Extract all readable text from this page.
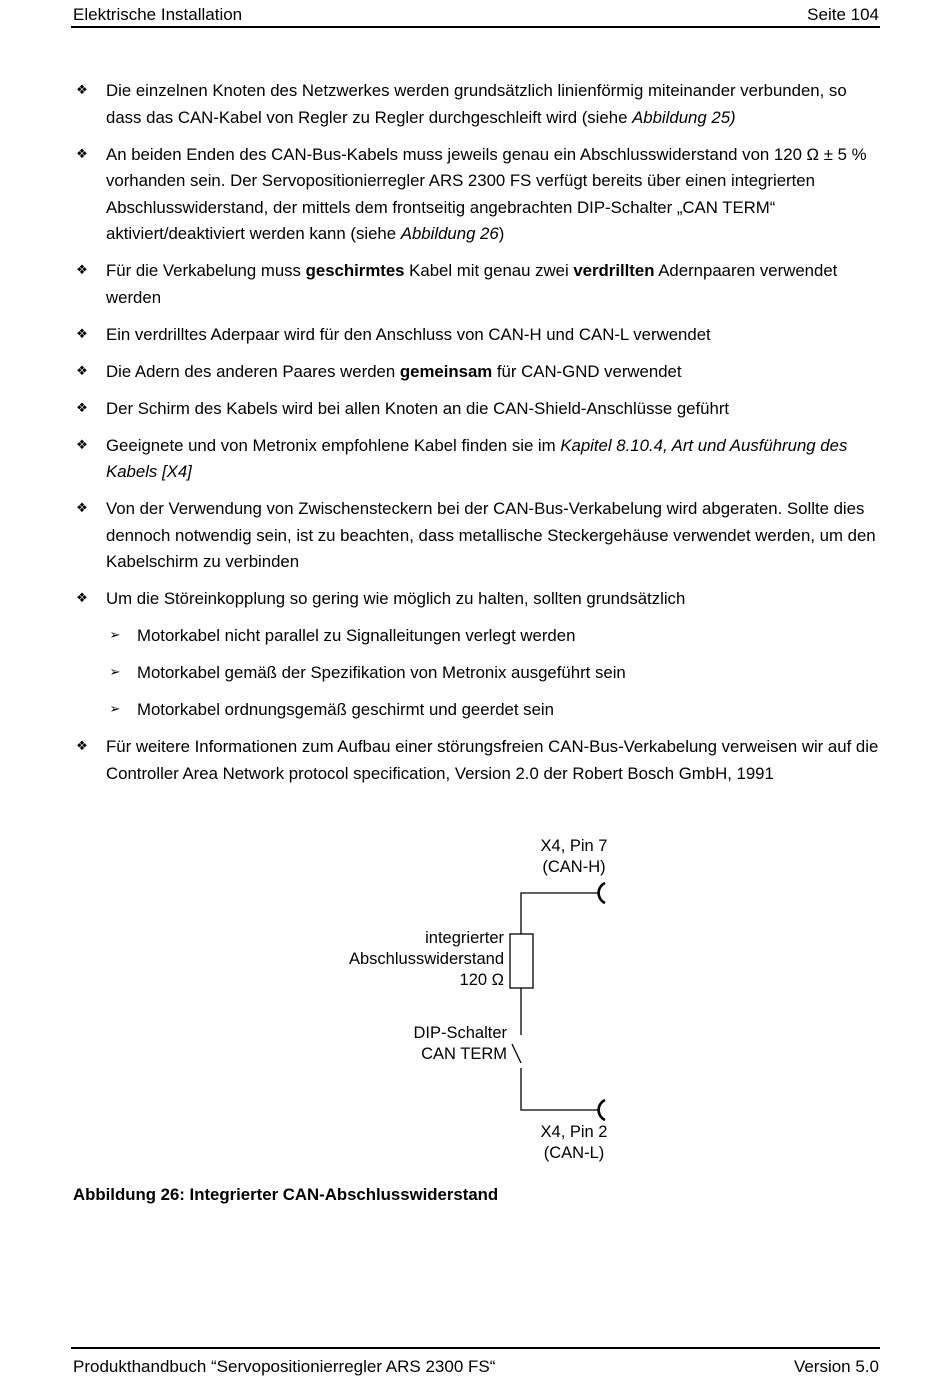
Elektrische Installation	Seite 104
❖ Die einzelnen Knoten des Netzwerkes werden grundsätzlich linienförmig miteinander verbunden, so dass das CAN-Kabel von Regler zu Regler durchgeschleift wird (siehe Abbildung 25)
❖ An beiden Enden des CAN-Bus-Kabels muss jeweils genau ein Abschlusswiderstand von 120 Ω ± 5 % vorhanden sein. Der Servopositionierregler ARS 2300 FS verfügt bereits über einen integrierten Abschlusswiderstand, der mittels dem frontseitig angebrachten DIP-Schalter „CAN TERM“ aktiviert/deaktiviert werden kann (siehe Abbildung 26)
❖ Für die Verkabelung muss geschirmtes Kabel mit genau zwei verdrillten Adernpaaren verwendet werden
❖ Ein verdrilltes Aderpaar wird für den Anschluss von CAN-H und CAN-L verwendet
❖ Die Adern des anderen Paares werden gemeinsam für CAN-GND verwendet
❖ Der Schirm des Kabels wird bei allen Knoten an die CAN-Shield-Anschlüsse geführt
❖ Geeignete und von Metronix empfohlene Kabel finden sie im Kapitel 8.10.4, Art und Ausführung des Kabels [X4]
❖ Von der Verwendung von Zwischensteckern bei der CAN-Bus-Verkabelung wird abgeraten. Sollte dies dennoch notwendig sein, ist zu beachten, dass metallische Steckergehäuse verwendet werden, um den Kabelschirm zu verbinden
❖ Um die Störeinkopplung so gering wie möglich zu halten, sollten grundsätzlich
➢ Motorkabel nicht parallel zu Signalleitungen verlegt werden
➢ Motorkabel gemäß der Spezifikation von Metronix ausgeführt sein
➢ Motorkabel ordnungsgemäß geschirmt und geerdet sein
❖ Für weitere Informationen zum Aufbau einer störungsfreien CAN-Bus-Verkabelung verweisen wir auf die Controller Area Network protocol specification, Version 2.0 der Robert Bosch GmbH, 1991
X4, Pin 7
(CAN-H)
integrierter
Abschlusswiderstand
120 Ω
DIP-Schalter
CAN TERM
X4, Pin 2
(CAN-L)
Abbildung 26: Integrierter CAN-Abschlusswiderstand
Produkthandbuch “Servopositionierregler ARS 2300 FS“	Version 5.0
